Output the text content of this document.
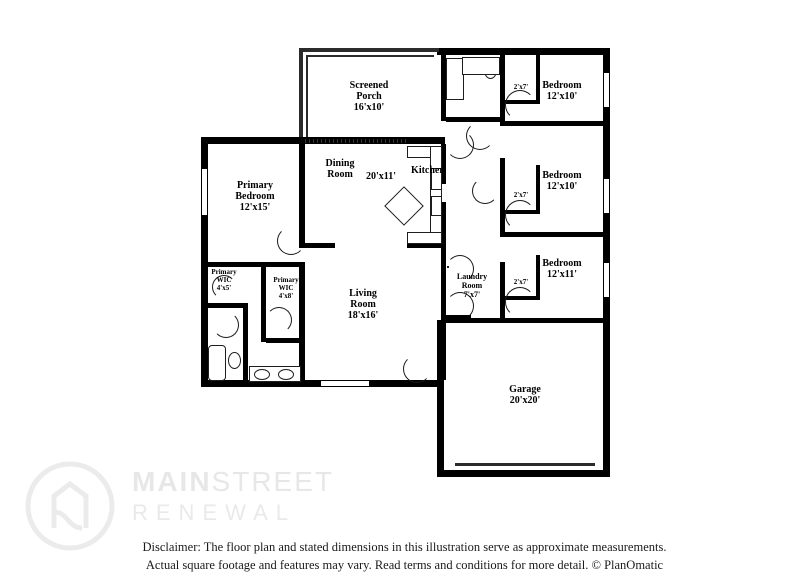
Screened
Porch
16'x10'
Bedroom
12'x10'
Bedroom
12'x10'
Bedroom
12'x11'
Primary
Bedroom
12'x15'
Dining
Room	20'x11'
Kitchen
Living
Room
18'x16'
Laundry
Room
7'x7'
Garage
20'x20'
Primary
WIC
4'x5'
Primary
WIC
4'x8'
2'x7'
2'x7'
2'x7'
MAINSTREET
RENEWAL
Disclaimer: The floor plan and stated dimensions in this illustration serve as approximate measurements.
Actual square footage and features may vary. Read terms and conditions for more detail. © PlanOmatic
